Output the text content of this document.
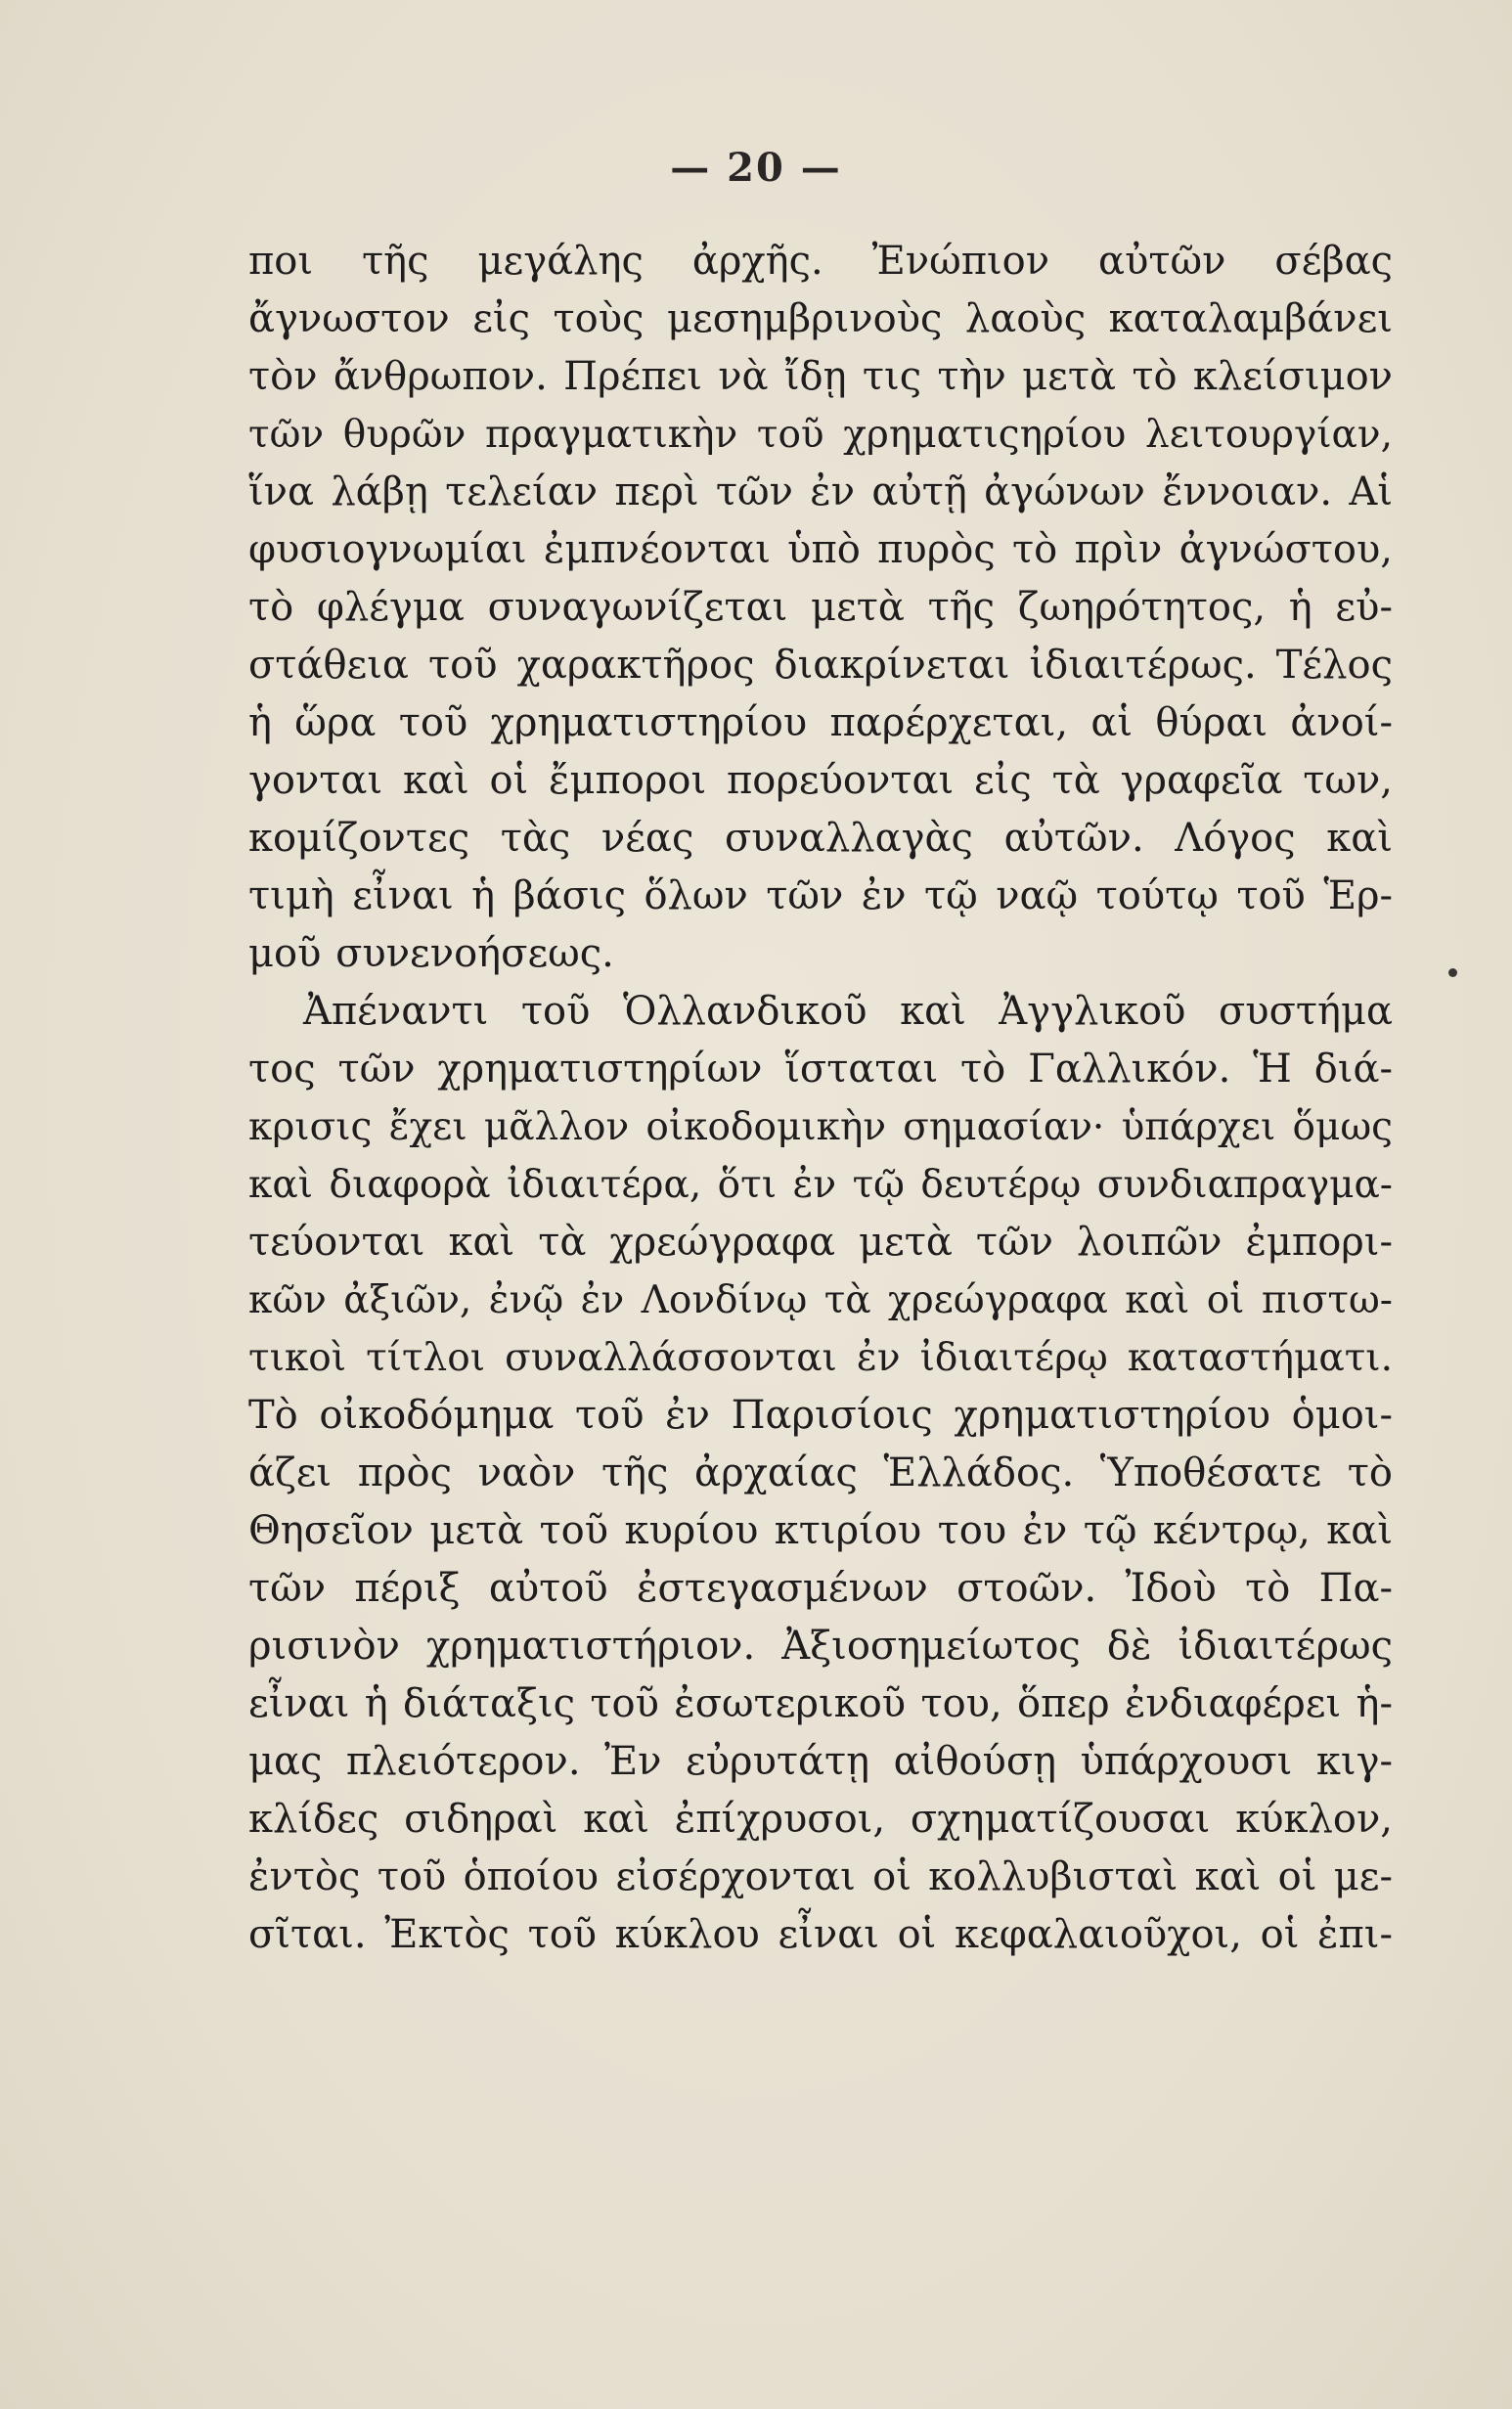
— 20 —
ποι τῆς μεγάλης ἀρχῆς. Ἐνώπιον αὐτῶν σέβας
ἄγνωστον εἰς τοὺς μεσημβρινοὺς λαοὺς καταλαμβάνει
τὸν ἄνθρωπον. Πρέπει νὰ ἴδῃ τις τὴν μετὰ τὸ κλείσιμον
τῶν θυρῶν πραγματικὴν τοῦ χρηματιςηρίου λειτουργίαν,
ἵνα λάβῃ τελείαν περὶ τῶν ἐν αὐτῇ ἀγώνων ἔννοιαν. Αἱ
φυσιογνωμίαι ἐμπνέονται ὑπὸ πυρὸς τὸ πρὶν ἀγνώστου,
τὸ φλέγμα συναγωνίζεται μετὰ τῆς ζωηρότητος, ἡ εὐ-
στάθεια τοῦ χαρακτῆρος διακρίνεται ἰδιαιτέρως. Τέλος
ἡ ὥρα τοῦ χρηματιστηρίου παρέρχεται, αἱ θύραι ἀνοί-
γονται καὶ οἱ ἔμποροι πορεύονται εἰς τὰ γραφεῖα των,
κομίζοντες τὰς νέας συναλλαγὰς αὐτῶν. Λόγος καὶ
τιμὴ εἶναι ἡ βάσις ὅλων τῶν ἐν τῷ ναῷ τούτῳ τοῦ Ἑρ-
μοῦ συνενοήσεως.
Ἀπέναντι τοῦ Ὁλλανδικοῦ καὶ Ἀγγλικοῦ συστήμα
τος τῶν χρηματιστηρίων ἵσταται τὸ Γαλλικόν. Ἡ διά-
κρισις ἔχει μᾶλλον οἰκοδομικὴν σημασίαν· ὑπάρχει ὅμως
καὶ διαφορὰ ἰδιαιτέρα, ὅτι ἐν τῷ δευτέρῳ συνδιαπραγμα-
τεύονται καὶ τὰ χρεώγραφα μετὰ τῶν λοιπῶν ἐμπορι-
κῶν ἀξιῶν, ἐνῷ ἐν Λονδίνῳ τὰ χρεώγραφα καὶ οἱ πιστω-
τικοὶ τίτλοι συναλλάσσονται ἐν ἰδιαιτέρῳ καταστήματι.
Τὸ οἰκοδόμημα τοῦ ἐν Παρισίοις χρηματιστηρίου ὁμοι-
άζει πρὸς ναὸν τῆς ἀρχαίας Ἑλλάδος. Ὑποθέσατε τὸ
Θησεῖον μετὰ τοῦ κυρίου κτιρίου του ἐν τῷ κέντρῳ, καὶ
τῶν πέριξ αὐτοῦ ἐστεγασμένων στοῶν. Ἰδοὺ τὸ Πα-
ρισινὸν χρηματιστήριον. Ἀξιοσημείωτος δὲ ἰδιαιτέρως
εἶναι ἡ διάταξις τοῦ ἐσωτερικοῦ του, ὅπερ ἐνδιαφέρει ἡ-
μας πλειότερον. Ἐν εὐρυτάτῃ αἰθούσῃ ὑπάρχουσι κιγ-
κλίδες σιδηραὶ καὶ ἐπίχρυσοι, σχηματίζουσαι κύκλον,
ἐντὸς τοῦ ὁποίου εἰσέρχονται οἱ κολλυβισταὶ καὶ οἱ με-
σῖται. Ἐκτὸς τοῦ κύκλου εἶναι οἱ κεφαλαιοῦχοι, οἱ ἐπι-
